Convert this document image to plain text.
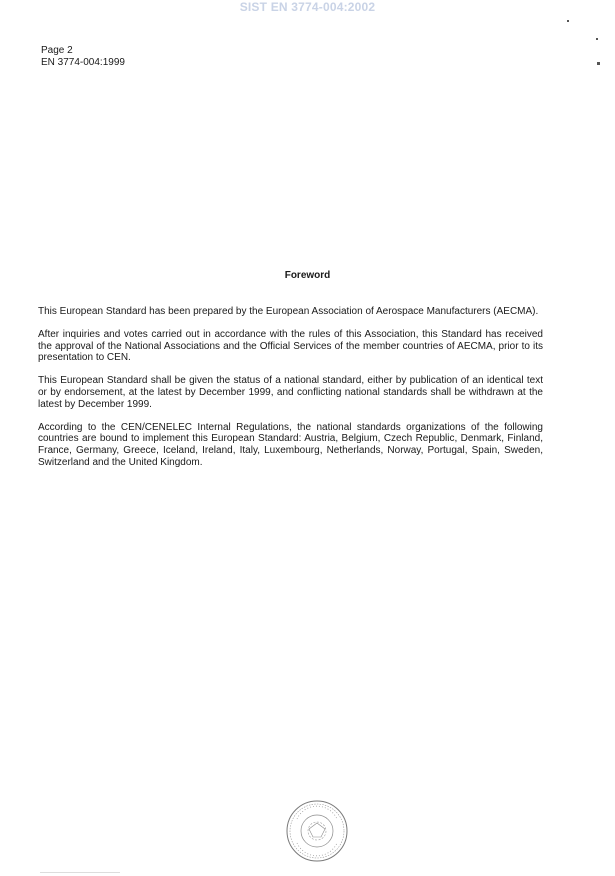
SIST EN 3774-004:2002
Page 2
EN 3774-004:1999
Foreword

This European Standard has been prepared by the European Association of Aerospace Manufacturers (AECMA).

After inquiries and votes carried out in accordance with the rules of this Association, this Standard has received the approval of the National Associations and the Official Services of the member countries of AECMA, prior to its presentation to CEN.

This European Standard shall be given the status of a national standard, either by publication of an identical text or by endorsement, at the latest by December 1999, and conflicting national standards shall be withdrawn at the latest by December 1999.

According to the CEN/CENELEC Internal Regulations, the national standards organizations of the following countries are bound to implement this European Standard: Austria, Belgium, Czech Republic, Denmark, Finland, France, Germany, Greece, Iceland, Ireland, Italy, Luxembourg, Netherlands, Norway, Portugal, Spain, Sweden, Switzerland and the United Kingdom.
